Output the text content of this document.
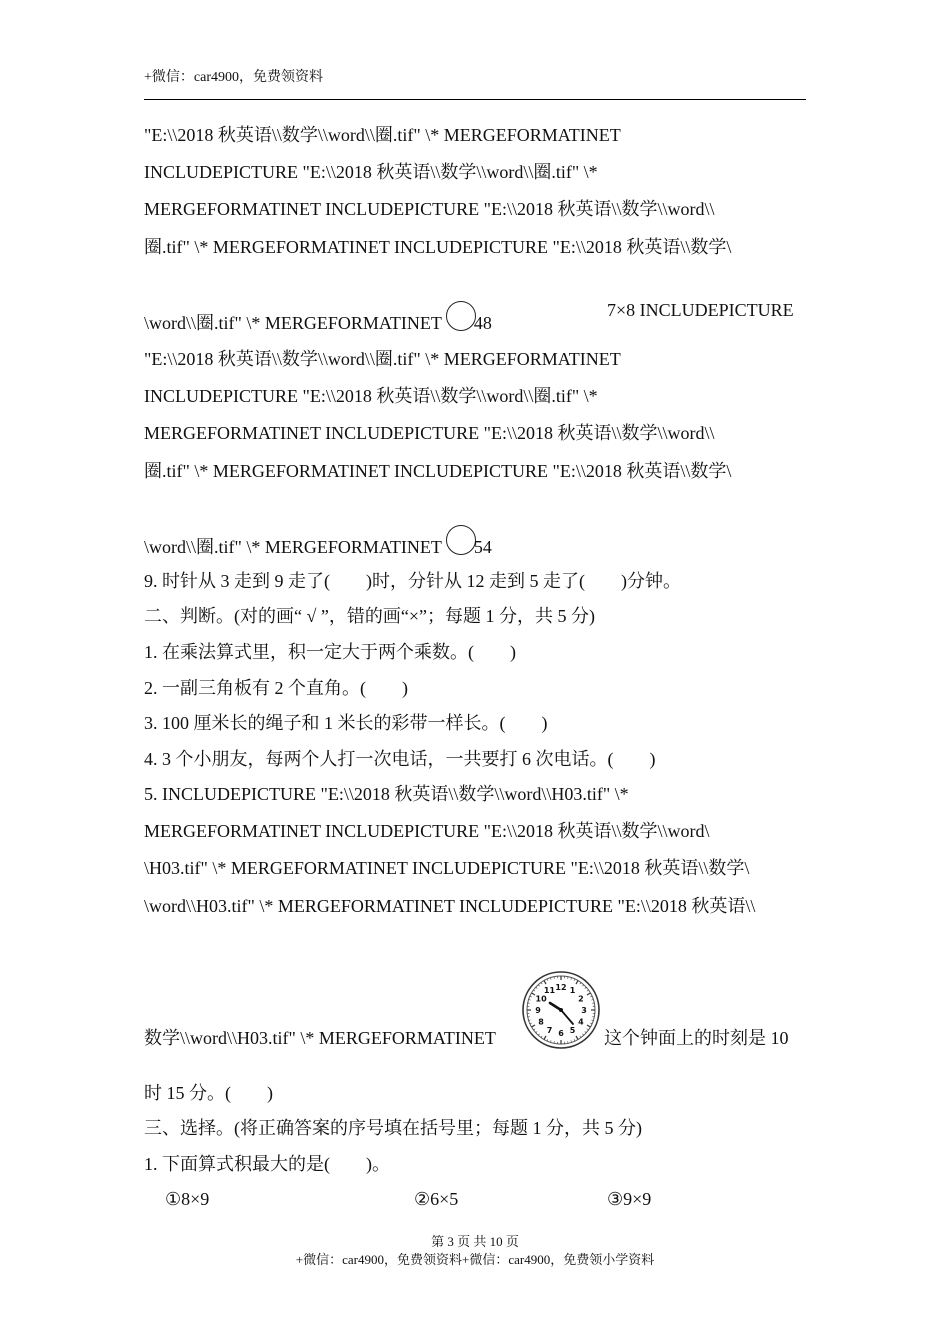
+微信：car4900，免费领资料
"E:\\2018 秋英语\\数学\\word\\圈.tif" \* MERGEFORMATINET
INCLUDEPICTURE "E:\\2018 秋英语\\数学\\word\\圈.tif" \*
MERGEFORMATINET INCLUDEPICTURE "E:\\2018 秋英语\\数学\\word\\
圈.tif" \* MERGEFORMATINET INCLUDEPICTURE "E:\\2018 秋英语\\数学\
\word\\圈.tif" \* MERGEFORMATINET 48
7×8 INCLUDEPICTURE
"E:\\2018 秋英语\\数学\\word\\圈.tif" \* MERGEFORMATINET
INCLUDEPICTURE "E:\\2018 秋英语\\数学\\word\\圈.tif" \*
MERGEFORMATINET INCLUDEPICTURE "E:\\2018 秋英语\\数学\\word\\
圈.tif" \* MERGEFORMATINET INCLUDEPICTURE "E:\\2018 秋英语\\数学\
\word\\圈.tif" \* MERGEFORMATINET 54
9. 时针从 3 走到 9 走了(　　)时，分针从 12 走到 5 走了(　　)分钟。
二、判断。(对的画“ √ ”，错的画“×”；每题 1 分，共 5 分)
1. 在乘法算式里，积一定大于两个乘数。(　　)
2. 一副三角板有 2 个直角。(　　)
3. 100 厘米长的绳子和 1 米长的彩带一样长。(　　)
4. 3 个小朋友，每两个人打一次电话，一共要打 6 次电话。(　　)
5. INCLUDEPICTURE "E:\\2018 秋英语\\数学\\word\\H03.tif" \*
MERGEFORMATINET INCLUDEPICTURE "E:\\2018 秋英语\\数学\\word\
\H03.tif" \* MERGEFORMATINET INCLUDEPICTURE "E:\\2018 秋英语\\数学\
\word\\H03.tif" \* MERGEFORMATINET INCLUDEPICTURE "E:\\2018 秋英语\\
数学\\word\\H03.tif" \* MERGEFORMATINET	这个钟面上的时刻是 10
12 1
2
3
4
5
6
7
8
9
10
11
时 15 分。(　　)
三、选择。(将正确答案的序号填在括号里；每题 1 分，共 5 分)
1. 下面算式积最大的是(　　)。
①8×9	②6×5	③9×9
第 3 页 共 10 页
+微信：car4900，免费领资料+微信：car4900，免费领小学资料
